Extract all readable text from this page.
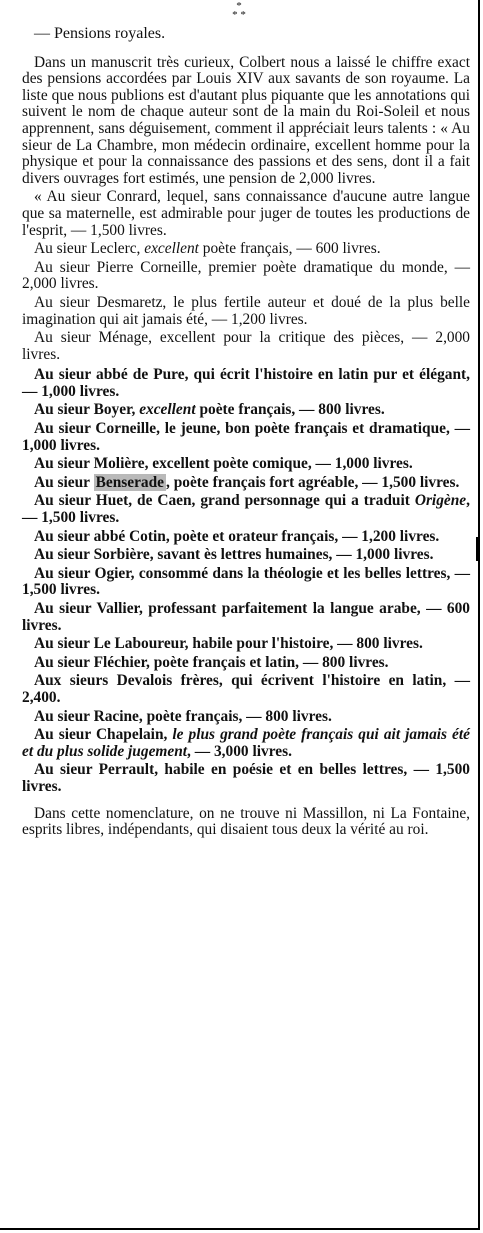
*
* *

— Pensions royales.

Dans un manuscrit très curieux, Colbert nous a laissé le chiffre exact des pensions accordées par Louis XIV aux savants de son royaume. La liste que nous publions est d'autant plus piquante que les annotations qui suivent le nom de chaque auteur sont de la main du Roi-Soleil et nous apprennent, sans déguisement, comment il appréciait leurs talents : « Au sieur de La Chambre, mon médecin ordinaire, excellent homme pour la physique et pour la connaissance des passions et des sens, dont il a fait divers ouvrages fort estimés, une pension de 2,000 livres.

« Au sieur Conrard, lequel, sans connaissance d'aucune autre langue que sa maternelle, est admirable pour juger de toutes les productions de l'esprit, — 1,500 livres.

Au sieur Leclerc, excellent poète français, — 600 livres.

Au sieur Pierre Corneille, premier poète dramatique du monde, — 2,000 livres.

Au sieur Desmaretz, le plus fertile auteur et doué de la plus belle imagination qui ait jamais été, — 1,200 livres.

Au sieur Ménage, excellent pour la critique des pièces, — 2,000 livres.

Au sieur abbé de Pure, qui écrit l'histoire en latin pur et élégant, — 1,000 livres.

Au sieur Boyer, excellent poète français, — 800 livres.

Au sieur Corneille, le jeune, bon poète français et dramatique, — 1,000 livres.

Au sieur Molière, excellent poète comique, — 1,000 livres.

Au sieur Benserade , poète français fort agréable, — 1,500 livres.

Au sieur Huet, de Caen, grand personnage qui a traduit Origène, — 1,500 livres.

Au sieur abbé Cotin, poète et orateur français, — 1,200 livres.

Au sieur Sorbière, savant ès lettres humaines, — 1,000 livres.

Au sieur Ogier, consommé dans la théologie et les belles lettres, — 1,500 livres.

Au sieur Vallier, professant parfaitement la langue arabe, — 600 livres.

Au sieur Le Laboureur, habile pour l'histoire, — 800 livres.

Au sieur Fléchier, poète français et latin, — 800 livres.

Aux sieurs Devalois frères, qui écrivent l'histoire en latin, — 2,400.

Au sieur Racine, poète français, — 800 livres.

Au sieur Chapelain, le plus grand poète français qui ait jamais été et du plus solide jugement, — 3,000 livres.

Au sieur Perrault, habile en poésie et en belles lettres, — 1,500 livres.

Dans cette nomenclature, on ne trouve ni Massillon, ni La Fontaine, esprits libres, indépendants, qui disaient tous deux la vérité au roi.
